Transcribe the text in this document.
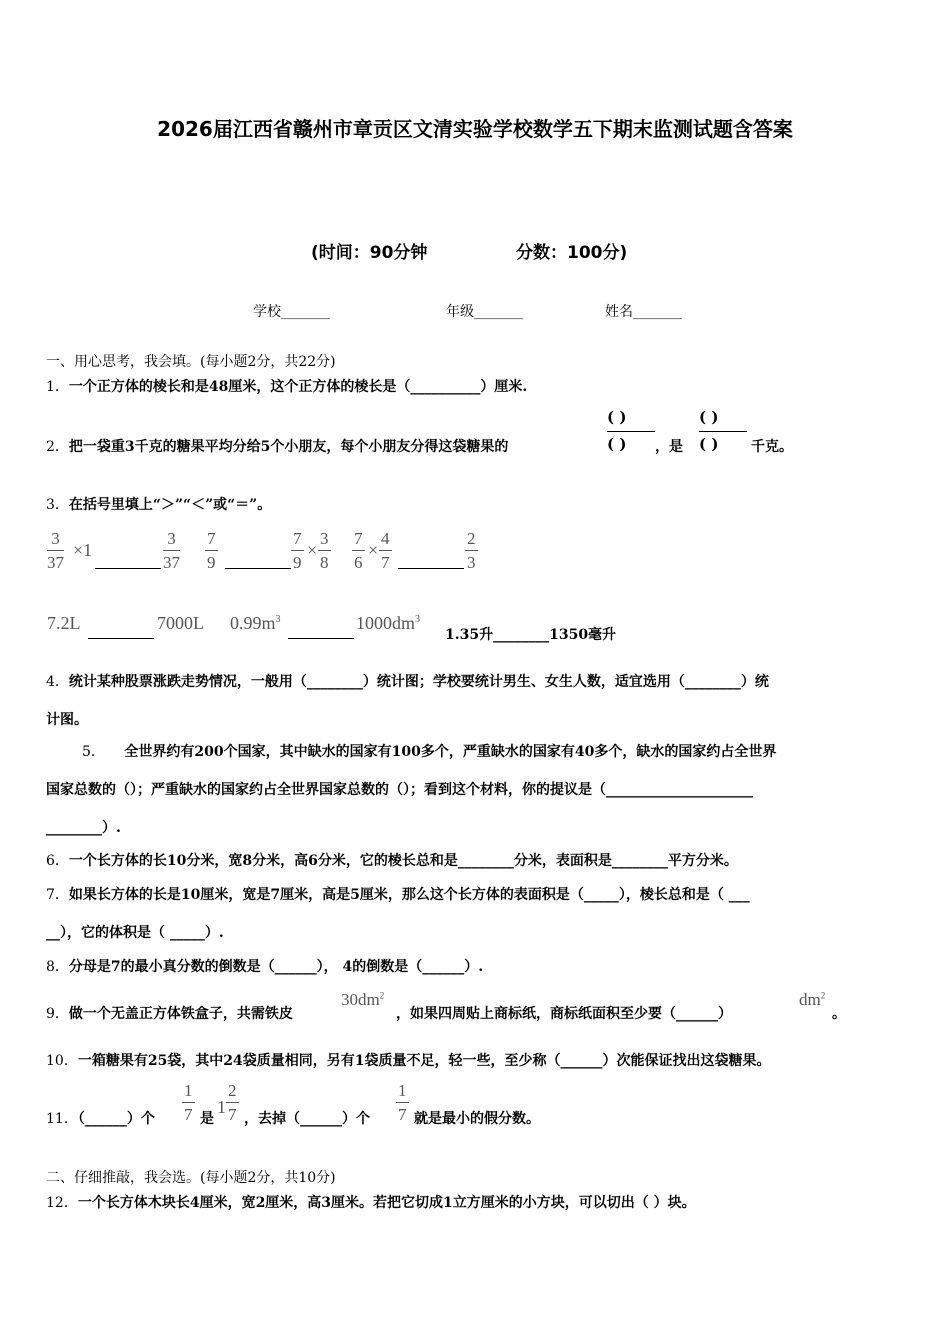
2026届江西省赣州市章贡区文清实验学校数学五下期末监测试题含答案
(时间：90分钟	分数：100分)
学校_______	年级_______	姓名_______
一、用心思考，我会填。(每小题2分，共22分)
1．一个正方体的棱长和是48厘米，这个正方体的棱长是（__________）厘米.
( )	( )
2．把一袋重3千克的糖果平均分给5个小朋友，每个小朋友分得这袋糖果的	( ) ，是 ( ) 千克。
3．在括号里填上“＞”“＜”或“＝”。
$\frac{3}{37} \times 1$	$\frac{3}{37} \frac{7}{9}$	$\frac{7}{9} \times \frac{3}{8} \frac{7}{6} \times \frac{4}{7}$	$\frac{2}{3}$
7.2L	7000L $0.99m^3$	$1000dm^3$
1.35升________1350毫升
4．统计某种股票涨跌走势情况，一般用（________）统计图；学校要统计男生、女生人数，适宜选用（________）统
计图。
5． 全世界约有200个国家，其中缺水的国家有100多个，严重缺水的国家有40多个，缺水的国家约占全世界
国家总数的（）；严重缺水的国家约占全世界国家总数的（）；看到这个材料，你的提议是（_____________________
________）.
6．一个长方体的长10分米，宽8分米，高6分米，它的棱长总和是________分米，表面积是________平方分米。
7．如果长方体的长是10厘米，宽是7厘米，高是5厘米，那么这个长方体的表面积是（_____），棱长总和是（ ___
__），它的体积是（ _____）.
8．分母是7的最小真分数的倒数是（______）， 4的倒数是（______）.
9．做一个无盖正方体铁盒子，共需铁皮
$30dm^2$
，如果四周贴上商标纸，商标纸面积至少要（______）
$dm^2$
。
10．一箱糖果有25袋，其中24袋质量相同，另有1袋质量不足，轻一些，至少称（______）次能保证找出这袋糖果。
11．（______）个 $\frac{1}{7}$ 是
$1 \frac{2}{7}$ ，去掉（______）个 $\frac{1}{7}$ 就是最小的假分数。
二、仔细推敲，我会选。(每小题2分，共10分)
12．一个长方体木块长4厘米，宽2厘米，高3厘米。若把它切成1立方厘米的小方块，可以切出（ ）块。
